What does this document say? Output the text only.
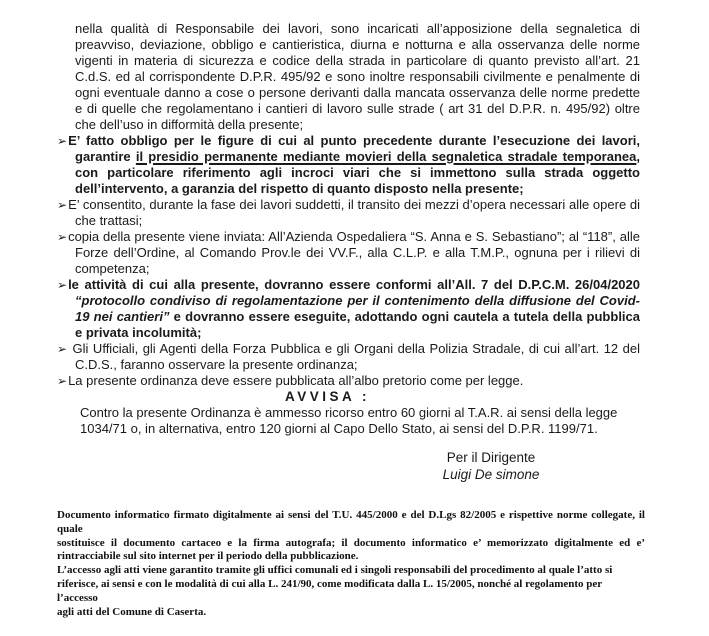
nella qualità di Responsabile dei lavori, sono incaricati all’apposizione della segnaletica di preavviso, deviazione, obbligo e cantieristica, diurna e notturna e alla osservanza delle norme vigenti in materia di sicurezza e codice della strada in particolare di quanto previsto all’art. 21 C.d.S. ed al corrispondente D.P.R. 495/92 e sono inoltre responsabili civilmente e penalmente di ogni eventuale danno a cose o persone derivanti dalla mancata osservanza delle norme predette e di quelle che regolamentano i cantieri di lavoro sulle strade ( art 31 del D.P.R. n. 495/92) oltre che dell’uso in difformità della presente;

➢E’ fatto obbligo per le figure di cui al punto precedente durante l’esecuzione dei lavori, garantire il presidio permanente mediante movieri della segnaletica stradale temporanea, con particolare riferimento agli incroci viari che si immettono sulla strada oggetto dell’intervento, a garanzia del rispetto di quanto disposto nella presente;

➢E’ consentito, durante la fase dei lavori suddetti, il transito dei mezzi d’opera necessari alle opere di che trattasi;

➢copia della presente viene inviata: All’Azienda Ospedaliera “S. Anna e S. Sebastiano”; al “118”, alle Forze dell’Ordine, al Comando Prov.le dei VV.F., alla C.L.P. e alla T.M.P., ognuna per i rilievi di competenza;

➢le attività di cui alla presente, dovranno essere conformi all’All. 7 del D.P.C.M. 26/04/2020 “protocollo condiviso di regolamentazione per il contenimento della diffusione del Covid-19 nei cantieri” e dovranno essere eseguite, adottando ogni cautela a tutela della pubblica e privata incolumità;

➢ Gli Ufficiali, gli Agenti della Forza Pubblica e gli Organi della Polizia Stradale, di cui all’art. 12 del C.D.S., faranno osservare la presente ordinanza;

➢La presente ordinanza deve essere pubblicata all’albo pretorio come per legge.

AVVISA :
Contro la presente Ordinanza è ammesso ricorso entro 60 giorni al T.A.R. ai sensi della legge
1034/71 o, in alternativa, entro 120 giorni al Capo Dello Stato, ai sensi del D.P.R. 1199/71.
Per il Dirigente
Luigi De simone
Documento informatico firmato digitalmente ai sensi del T.U. 445/2000 e del D.Lgs 82/2005 e rispettive norme collegate, il quale
sostituisce il documento cartaceo e la firma autografa; il documento informatico e’ memorizzato digitalmente ed e’
rintracciabile sul sito internet per il periodo della pubblicazione.
L’accesso agli atti viene garantito tramite gli uffici comunali ed i singoli responsabili del procedimento al quale l’atto si
riferisce, ai sensi e con le modalità di cui alla L. 241/90, come modificata dalla L. 15/2005, nonché al regolamento per l’accesso
agli atti del Comune di Caserta.
